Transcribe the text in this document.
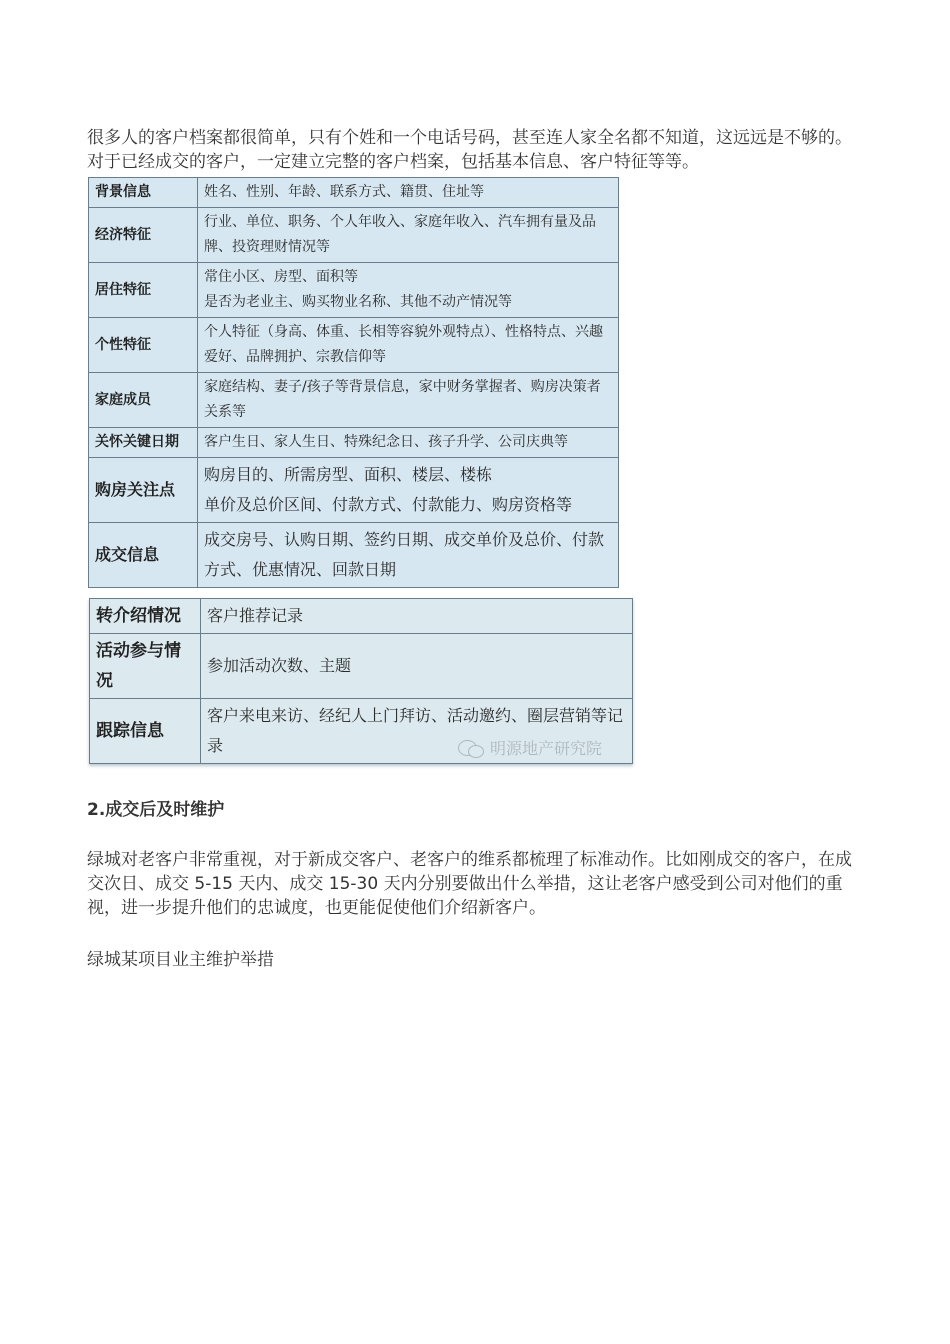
很多人的客户档案都很简单，只有个姓和一个电话号码，甚至连人家全名都不知道，这远远是不够的。对于已经成交的客户，一定建立完整的客户档案，包括基本信息、客户特征等等。

背景信息	姓名、性别、年龄、联系方式、籍贯、住址等
经济特征	行业、单位、职务、个人年收入、家庭年收入、汽车拥有量及品牌、投资理财情况等
居住特征	常住小区、房型、面积等
是否为老业主、购买物业名称、其他不动产情况等

个性特征	个人特征（身高、体重、长相等容貌外观特点）、性格特点、兴趣爱好、品牌拥护、宗教信仰等
家庭成员	家庭结构、妻子/孩子等背景信息，家中财务掌握者、购房决策者关系等
关怀关键日期	客户生日、家人生日、特殊纪念日、孩子升学、公司庆典等
购房关注点	购房目的、所需房型、面积、楼层、楼栋
单价及总价区间、付款方式、付款能力、购房资格等

成交信息	成交房号、认购日期、签约日期、成交单价及总价、付款方式、优惠情况、回款日期
转介绍情况	客户推荐记录
活动参与情况	参加活动次数、主题
跟踪信息	客户来电来访、经纪人上门拜访、活动邀约、圈层营销等记录	明源地产研究院

2.成交后及时维护

绿城对老客户非常重视，对于新成交客户、老客户的维系都梳理了标准动作。比如刚成交的客户，在成交次日、成交 5-15 天内、成交 15-30 天内分别要做出什么举措，这让老客户感受到公司对他们的重视，进一步提升他们的忠诚度，也更能促使他们介绍新客户。

绿城某项目业主维护举措
